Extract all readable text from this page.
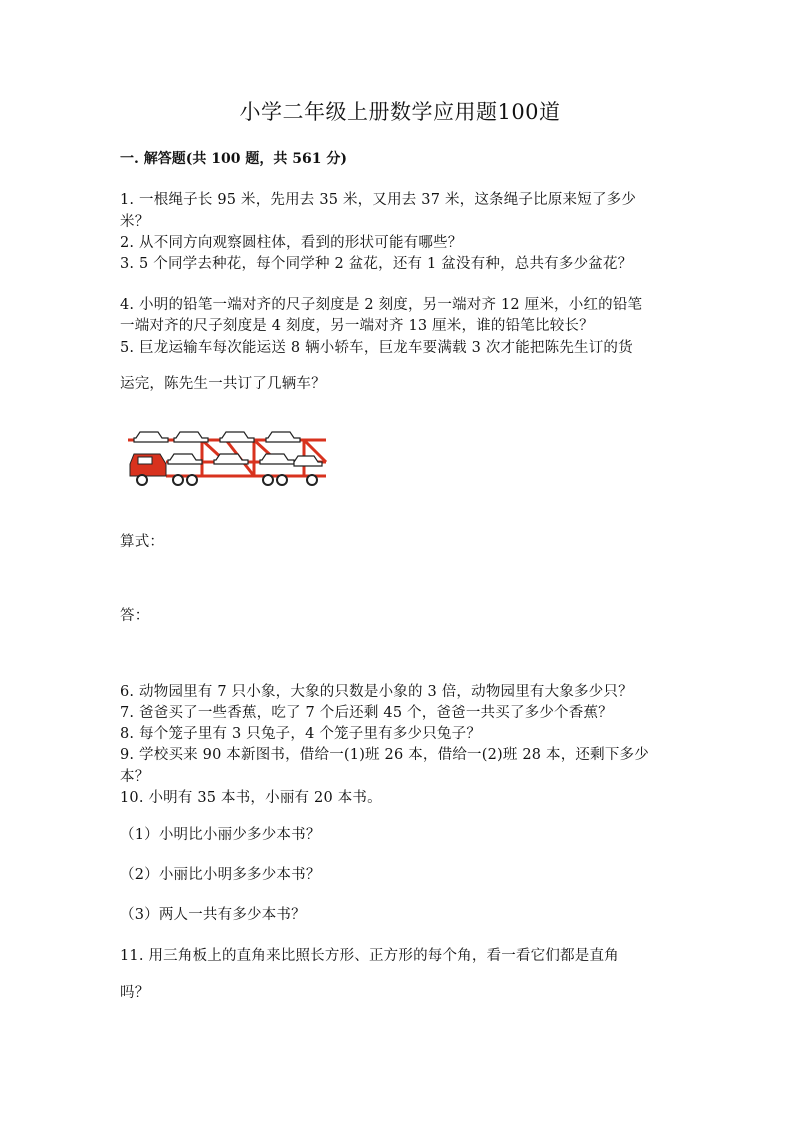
小学二年级上册数学应用题100道
一. 解答题(共 100 题，共 561 分)
1. 一根绳子长 95 米，先用去 35 米，又用去 37 米，这条绳子比原来短了多少
米？
2. 从不同方向观察圆柱体，看到的形状可能有哪些？
3. 5 个同学去种花，每个同学种 2 盆花，还有 1 盆没有种，总共有多少盆花？
4. 小明的铅笔一端对齐的尺子刻度是 2 刻度，另一端对齐 12 厘米，小红的铅笔
一端对齐的尺子刻度是 4 刻度，另一端对齐 13 厘米，谁的铅笔比较长？
5. 巨龙运输车每次能运送 8 辆小轿车，巨龙车要满载 3 次才能把陈先生订的货
运完，陈先生一共订了几辆车？
算式：
答：
6. 动物园里有 7 只小象，大象的只数是小象的 3 倍，动物园里有大象多少只？
7. 爸爸买了一些香蕉，吃了 7 个后还剩 45 个，爸爸一共买了多少个香蕉？
8. 每个笼子里有 3 只兔子，4 个笼子里有多少只兔子？
9. 学校买来 90 本新图书，借给一(1)班 26 本，借给一(2)班 28 本，还剩下多少
本？
10. 小明有 35 本书，小丽有 20 本书。
（1）小明比小丽少多少本书？
（2）小丽比小明多多少本书？
（3）两人一共有多少本书？
11. 用三角板上的直角来比照长方形、正方形的每个角，看一看它们都是直角
吗？
